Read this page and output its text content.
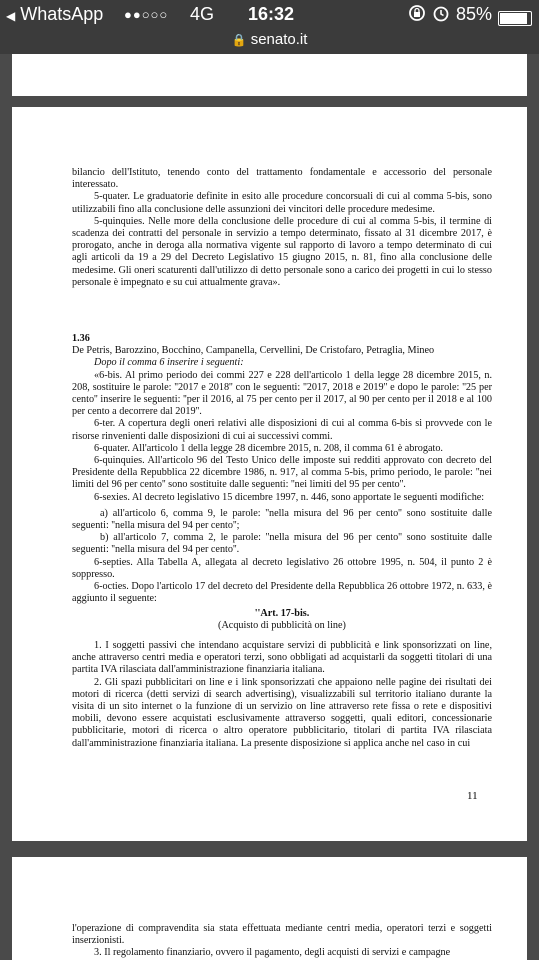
◀ WhatsApp ●●○○○ 4G 16:32	85%
🔒 senato.it

bilancio dell'Istituto, tenendo conto del trattamento fondamentale e accessorio del personale interessato.

5-quater. Le graduatorie definite in esito alle procedure concorsuali di cui al comma 5-bis, sono utilizzabili fino alla conclusione delle assunzioni dei vincitori delle procedure medesime.

5-quinquies. Nelle more della conclusione delle procedure di cui al comma 5-bis, il termine di scadenza dei contratti del personale in servizio a tempo determinato, fissato al 31 dicembre 2017, è prorogato, anche in deroga alla normativa vigente sul rapporto di lavoro a tempo determinato di cui agli articoli da 19 a 29 del Decreto Legislativo 15 giugno 2015, n. 81, fino alla conclusione delle medesime. Gli oneri scaturenti dall'utilizzo di detto personale sono a carico dei progetti in cui lo stesso personale è impegnato e su cui attualmente grava».

1.36

De Petris, Barozzino, Bocchino, Campanella, Cervellini, De Cristofaro, Petraglia, Mineo

Dopo il comma 6 inserire i seguenti:

«6-bis. Al primo periodo dei commi 227 e 228 dell'articolo 1 della legge 28 dicembre 2015, n. 208, sostituire le parole: ''2017 e 2018'' con le seguenti: ''2017, 2018 e 2019'' e dopo le parole: ''25 per cento'' inserire le seguenti: ''per il 2016, al 75 per cento per il 2017, al 90 per cento per il 2018 e al 100 per cento a decorrere dal 2019''.

6-ter. A copertura degli oneri relativi alle disposizioni di cui al comma 6-bis si provvede con le risorse rinvenienti dalle disposizioni di cui ai successivi commi.

6-quater. All'articolo 1 della legge 28 dicembre 2015, n. 208, il comma 61 è abrogato.

6-quinquies. All'articolo 96 del Testo Unico delle imposte sui redditi approvato con decreto del Presidente della Repubblica 22 dicembre 1986, n. 917, al comma 5-bis, primo periodo, le parole: ''nei limiti del 96 per cento'' sono sostituite dalle seguenti: ''nei limiti del 95 per cento''.

6-sexies. Al decreto legislativo 15 dicembre 1997, n. 446, sono apportate le seguenti modifiche:

a) all'articolo 6, comma 9, le parole: ''nella misura del 96 per cento'' sono sostituite dalle seguenti: ''nella misura del 94 per cento'';

b) all'articolo 7, comma 2, le parole: ''nella misura del 96 per cento'' sono sostituite dalle seguenti: ''nella misura del 94 per cento''.

6-septies. Alla Tabella A, allegata al decreto legislativo 26 ottobre 1995, n. 504, il punto 2 è soppresso.

6-octies. Dopo l'articolo 17 del decreto del Presidente della Repubblica 26 ottobre 1972, n. 633, è aggiunto il seguente:

''Art. 17-bis.

(Acquisto di pubblicità on line)

1. I soggetti passivi che intendano acquistare servizi di pubblicità e link sponsorizzati on line, anche attraverso centri media e operatori terzi, sono obbligati ad acquistarli da soggetti titolari di una partita IVA rilasciata dall'amministrazione finanziaria italiana.

2. Gli spazi pubblicitari on line e i link sponsorizzati che appaiono nelle pagine dei risultati dei motori di ricerca (detti servizi di search advertising), visualizzabili sul territorio italiano durante la visita di un sito internet o la funzione di un servizio on line attraverso rete fissa o rete e dispositivi mobili, devono essere acquistati esclusivamente attraverso soggetti, quali editori, concessionarie pubblicitarie, motori di ricerca o altro operatore pubblicitario, titolari di partita IVA rilasciata dall'amministrazione finanziaria italiana. La presente disposizione si applica anche nel caso in cui

11

l'operazione di compravendita sia stata effettuata mediante centri media, operatori terzi e soggetti inserzionisti.

3. Il regolamento finanziario, ovvero il pagamento, degli acquisti di servizi e campagne
